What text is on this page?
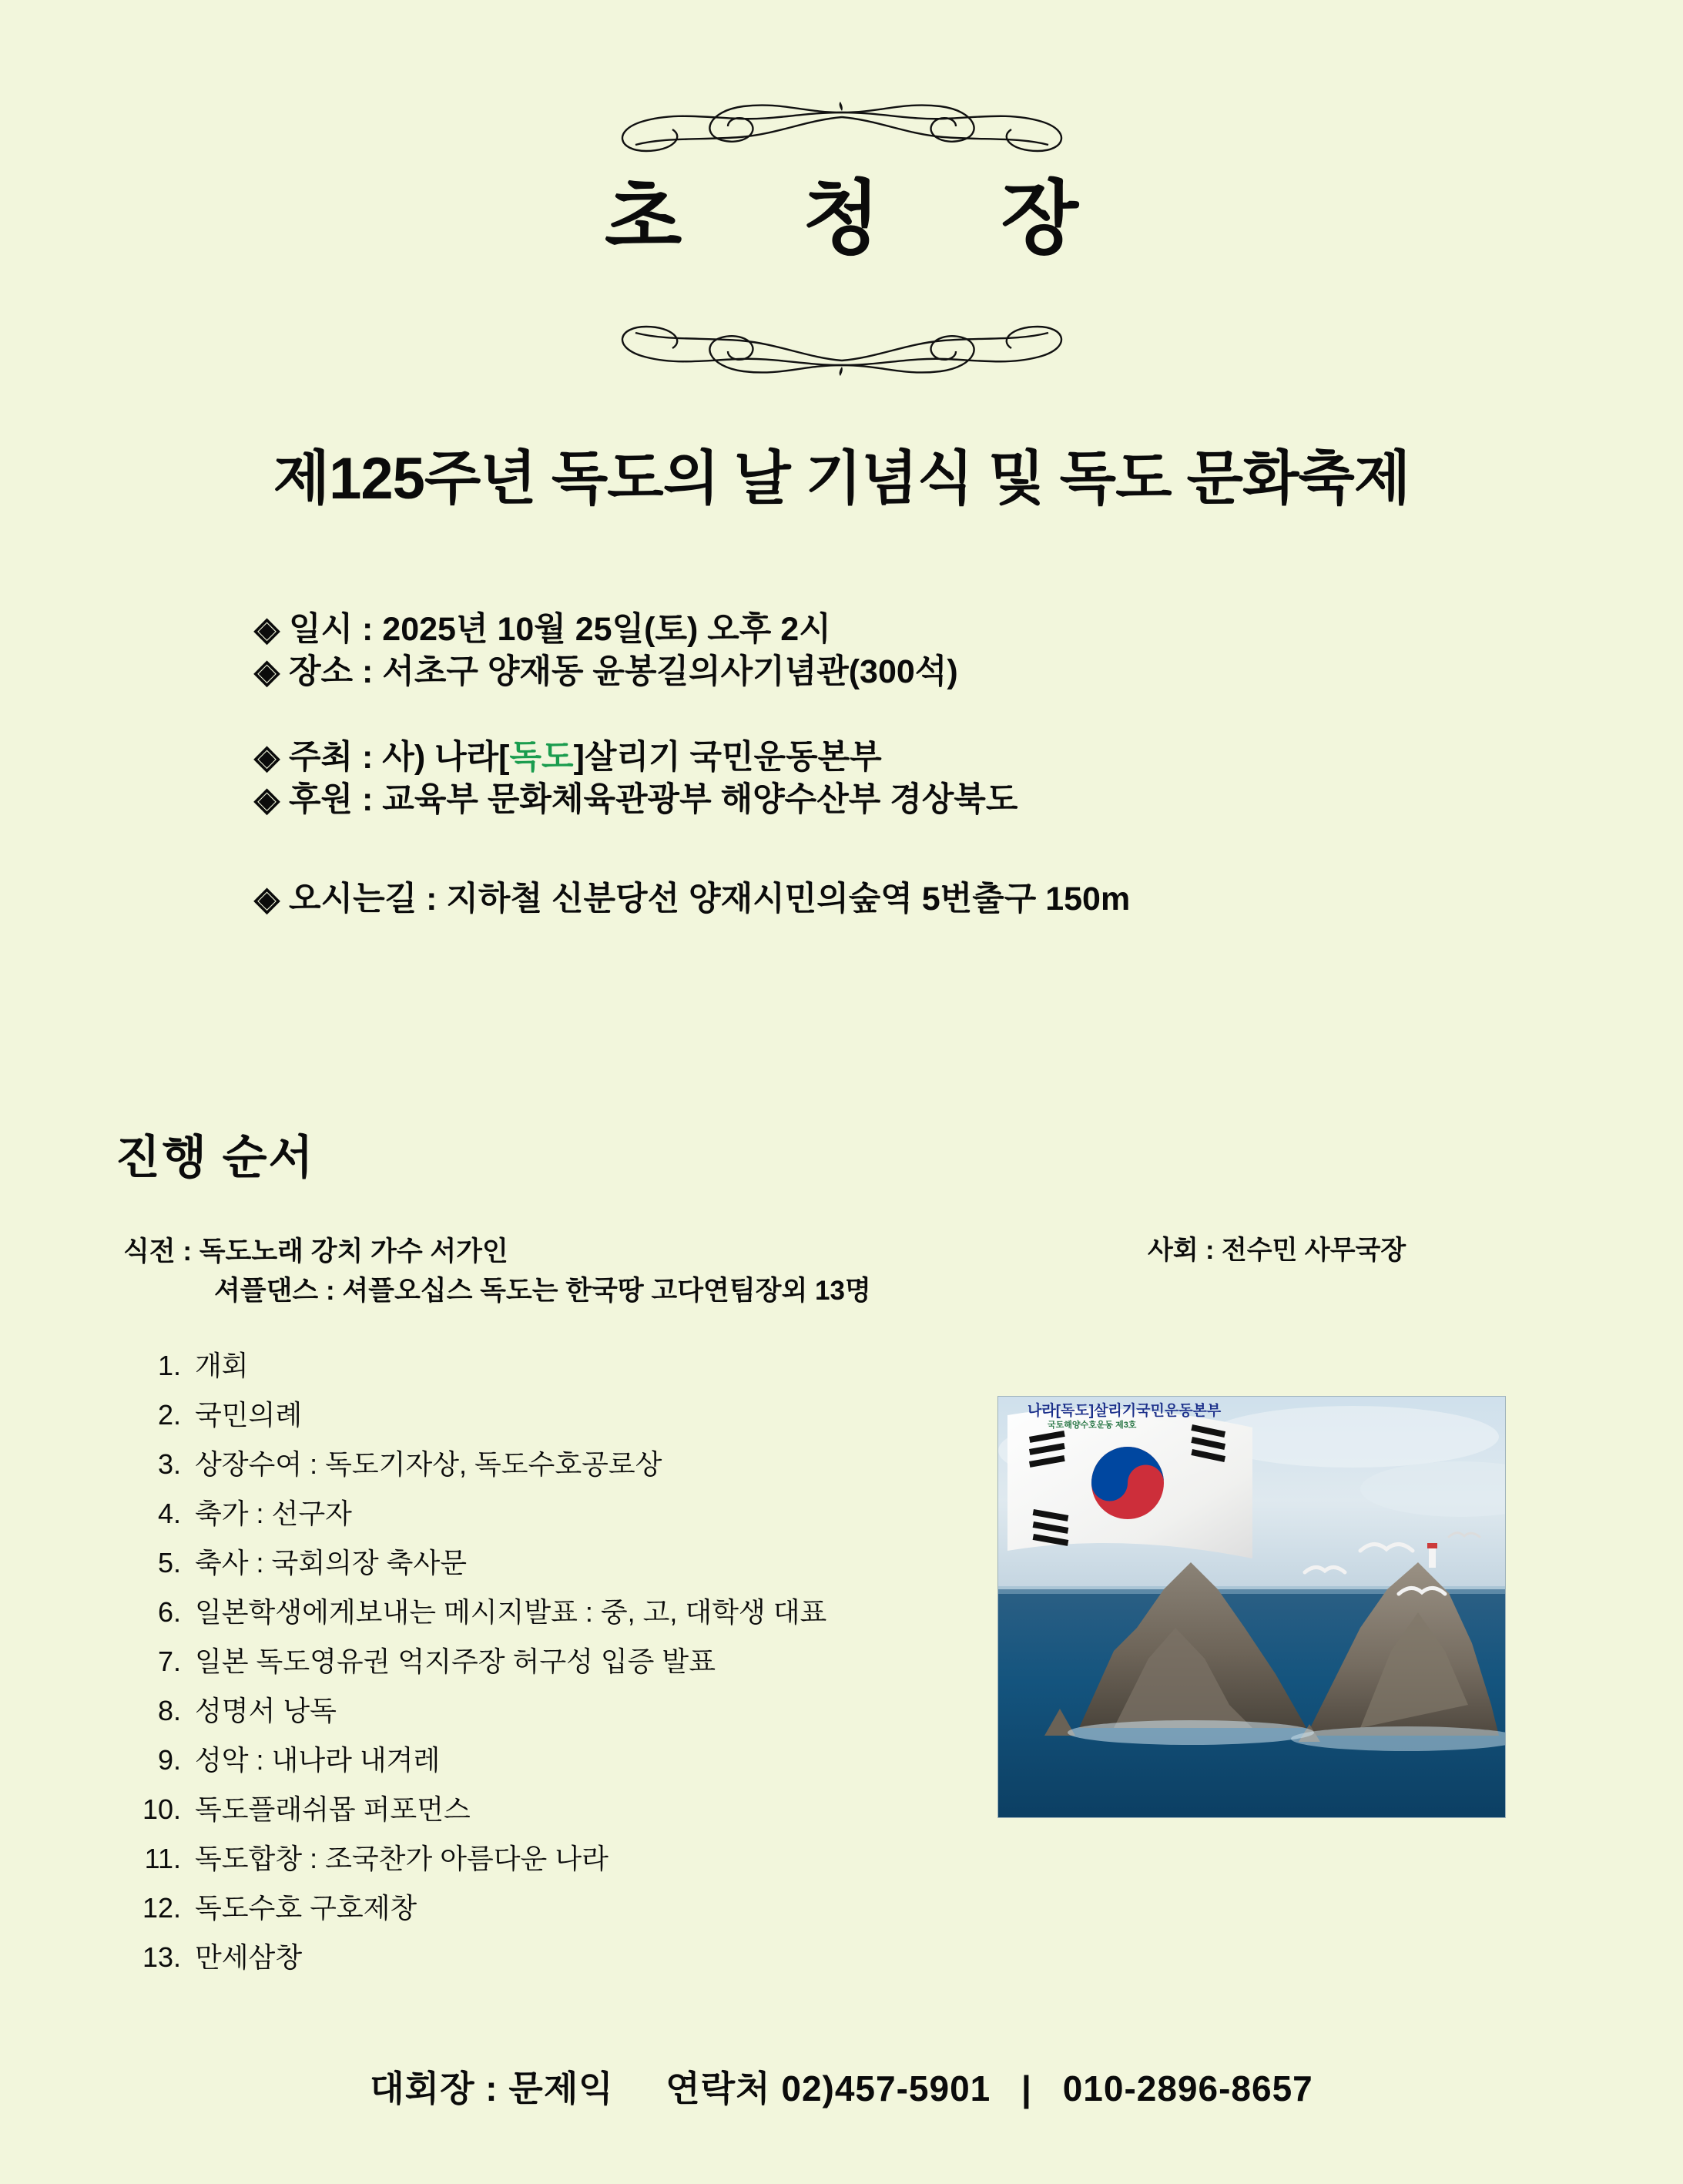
초 청 장
제125주년 독도의 날 기념식 및 독도 문화축제
◈ 일시 : 2025년 10월 25일(토) 오후 2시
◈ 장소 : 서초구 양재동 윤봉길의사기념관(300석)
◈ 주최 : 사) 나라[독도]살리기 국민운동본부
◈ 후원 : 교육부 문화체육관광부 해양수산부 경상북도
◈ 오시는길 : 지하철 신분당선 양재시민의숲역 5번출구 150m
진행 순서
식전 : 독도노래 강치 가수 서가인
셔플댄스 : 셔플오십스 독도는 한국땅 고다연팀장외 13명
사회 : 전수민 사무국장
1. 개회
2. 국민의례
3. 상장수여 : 독도기자상, 독도수호공로상
4. 축가 : 선구자
5. 축사 : 국회의장 축사문
6. 일본학생에게보내는 메시지발표 : 중, 고, 대학생 대표
7. 일본 독도영유권 억지주장 허구성 입증 발표
8. 성명서 낭독
9. 성악 : 내나라 내겨레
10. 독도플래쉬몹 퍼포먼스
11. 독도합창 : 조국찬가 아름다운 나라
12. 독도수호 구호제창
13. 만세삼창
나라[독도]살리기국민운동본부
국토해양수호운동 제3호
대회장 : 문제익 연락처 02)457-5901 | 010-2896-8657
